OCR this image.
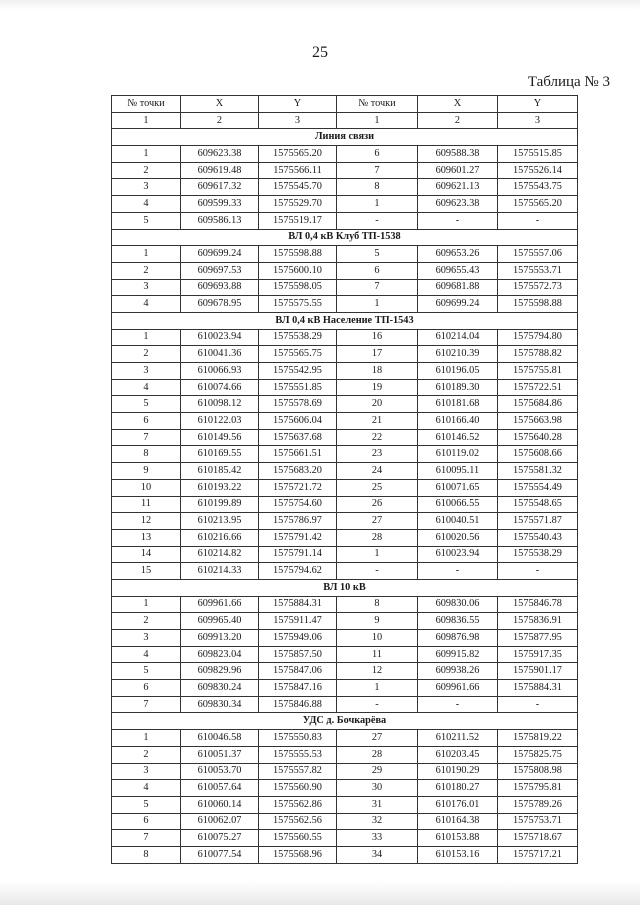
25
Таблица № 3
№ точки	X	Y	№ точки	X	Y
1	2	3	1	2	3
Линия связи					
1	609623.38	1575565.20	6	609588.38	1575515.85
2	609619.48	1575566.11	7	609601.27	1575526.14
3	609617.32	1575545.70	8	609621.13	1575543.75
4	609599.33	1575529.70	1	609623.38	1575565.20
5	609586.13	1575519.17	-	-	-
ВЛ 0,4 кВ Клуб ТП-1538					
1	609699.24	1575598.88	5	609653.26	1575557.06
2	609697.53	1575600.10	6	609655.43	1575553.71
3	609693.88	1575598.05	7	609681.88	1575572.73
4	609678.95	1575575.55	1	609699.24	1575598.88
ВЛ 0,4 кВ Население ТП-1543					
1	610023.94	1575538.29	16	610214.04	1575794.80
2	610041.36	1575565.75	17	610210.39	1575788.82
3	610066.93	1575542.95	18	610196.05	1575755.81
4	610074.66	1575551.85	19	610189.30	1575722.51
5	610098.12	1575578.69	20	610181.68	1575684.86
6	610122.03	1575606.04	21	610166.40	1575663.98
7	610149.56	1575637.68	22	610146.52	1575640.28
8	610169.55	1575661.51	23	610119.02	1575608.66
9	610185.42	1575683.20	24	610095.11	1575581.32
10	610193.22	1575721.72	25	610071.65	1575554.49
11	610199.89	1575754.60	26	610066.55	1575548.65
12	610213.95	1575786.97	27	610040.51	1575571.87
13	610216.66	1575791.42	28	610020.56	1575540.43
14	610214.82	1575791.14	1	610023.94	1575538.29
15	610214.33	1575794.62	-	-	-
ВЛ 10 кВ					
1	609961.66	1575884.31	8	609830.06	1575846.78
2	609965.40	1575911.47	9	609836.55	1575836.91
3	609913.20	1575949.06	10	609876.98	1575877.95
4	609823.04	1575857.50	11	609915.82	1575917.35
5	609829.96	1575847.06	12	609938.26	1575901.17
6	609830.24	1575847.16	1	609961.66	1575884.31
7	609830.34	1575846.88	-	-	-
УДС д. Бочкарёва					
1	610046.58	1575550.83	27	610211.52	1575819.22
2	610051.37	1575555.53	28	610203.45	1575825.75
3	610053.70	1575557.82	29	610190.29	1575808.98
4	610057.64	1575560.90	30	610180.27	1575795.81
5	610060.14	1575562.86	31	610176.01	1575789.26
6	610062.07	1575562.56	32	610164.38	1575753.71
7	610075.27	1575560.55	33	610153.88	1575718.67
8	610077.54	1575568.96	34	610153.16	1575717.21
